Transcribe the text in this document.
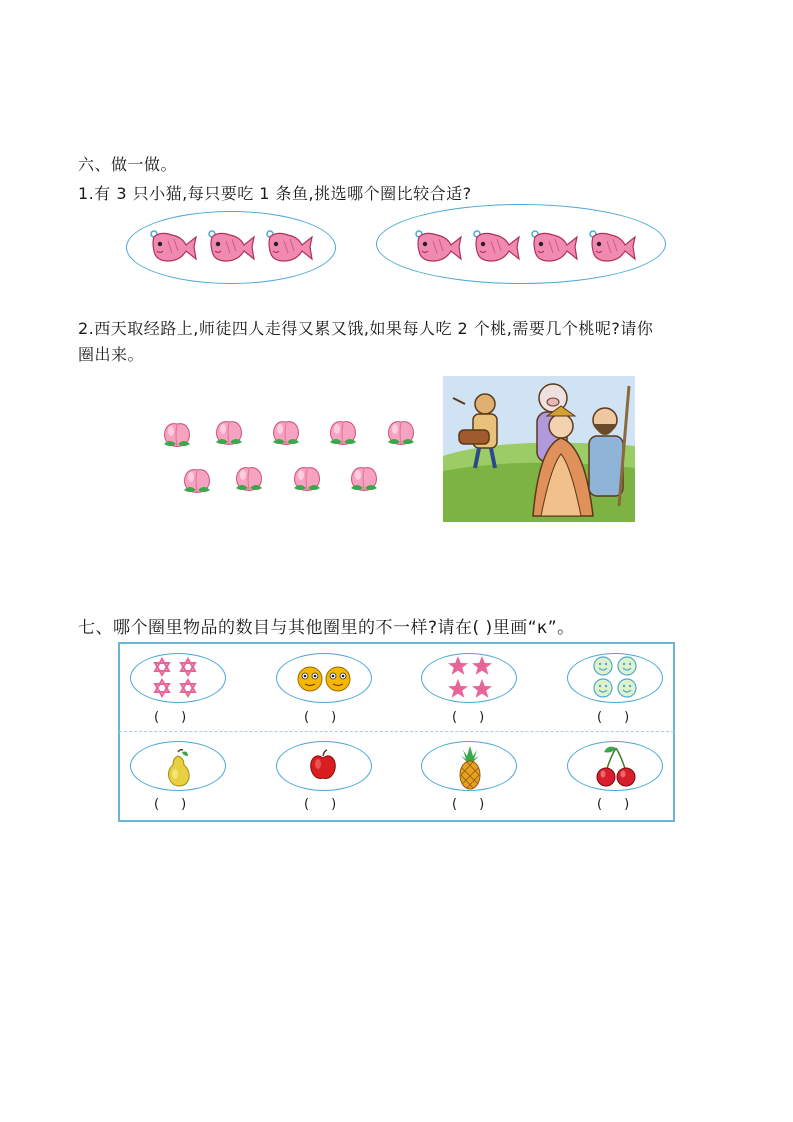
六、做一做。
1.有 3 只小猫,每只要吃 1 条鱼,挑选哪个圈比较合适?
2.西天取经路上,师徒四人走得又累又饿,如果每人吃 2 个桃,需要几个桃呢?请你
圈出来。
七、哪个圈里物品的数目与其他圈里的不一样?请在( )里画“к”。
( )	( )	( )	( )
( )	( )	( )	( )
